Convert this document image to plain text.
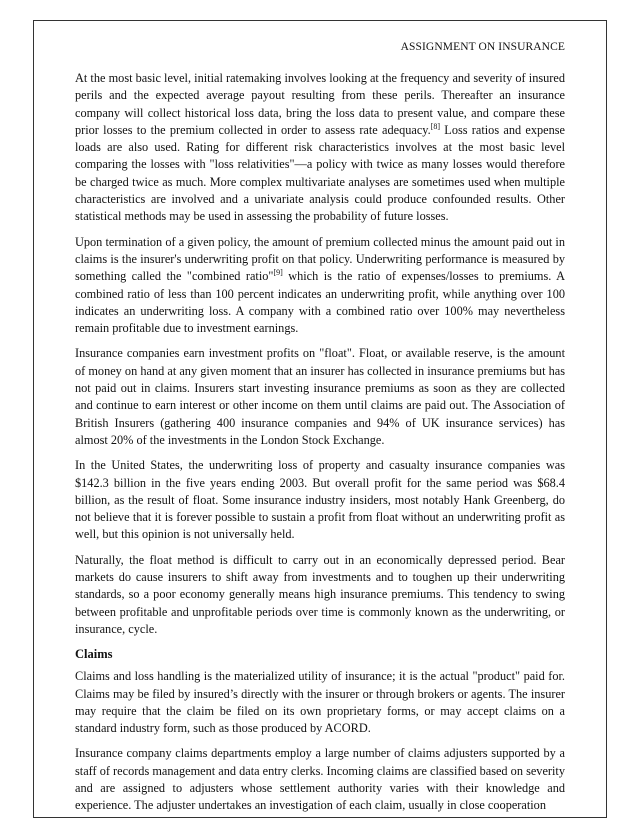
ASSIGNMENT ON INSURANCE

At the most basic level, initial ratemaking involves looking at the frequency and severity of insured perils and the expected average payout resulting from these perils. Thereafter an insurance company will collect historical loss data, bring the loss data to present value, and compare these prior losses to the premium collected in order to assess rate adequacy.[8] Loss ratios and expense loads are also used. Rating for different risk characteristics involves at the most basic level comparing the losses with "loss relativities"—a policy with twice as many losses would therefore be charged twice as much. More complex multivariate analyses are sometimes used when multiple characteristics are involved and a univariate analysis could produce confounded results. Other statistical methods may be used in assessing the probability of future losses.

Upon termination of a given policy, the amount of premium collected minus the amount paid out in claims is the insurer's underwriting profit on that policy. Underwriting performance is measured by something called the "combined ratio"[9] which is the ratio of expenses/losses to premiums. A combined ratio of less than 100 percent indicates an underwriting profit, while anything over 100 indicates an underwriting loss. A company with a combined ratio over 100% may nevertheless remain profitable due to investment earnings.

Insurance companies earn investment profits on "float". Float, or available reserve, is the amount of money on hand at any given moment that an insurer has collected in insurance premiums but has not paid out in claims. Insurers start investing insurance premiums as soon as they are collected and continue to earn interest or other income on them until claims are paid out. The Association of British Insurers (gathering 400 insurance companies and 94% of UK insurance services) has almost 20% of the investments in the London Stock Exchange.

In the United States, the underwriting loss of property and casualty insurance companies was $142.3 billion in the five years ending 2003. But overall profit for the same period was $68.4 billion, as the result of float. Some insurance industry insiders, most notably Hank Greenberg, do not believe that it is forever possible to sustain a profit from float without an underwriting profit as well, but this opinion is not universally held.

Naturally, the float method is difficult to carry out in an economically depressed period. Bear markets do cause insurers to shift away from investments and to toughen up their underwriting standards, so a poor economy generally means high insurance premiums. This tendency to swing between profitable and unprofitable periods over time is commonly known as the underwriting, or insurance, cycle.

Claims

Claims and loss handling is the materialized utility of insurance; it is the actual "product" paid for. Claims may be filed by insured’s directly with the insurer or through brokers or agents. The insurer may require that the claim be filed on its own proprietary forms, or may accept claims on a standard industry form, such as those produced by ACORD.

Insurance company claims departments employ a large number of claims adjusters supported by a staff of records management and data entry clerks. Incoming claims are classified based on severity and are assigned to adjusters whose settlement authority varies with their knowledge and experience. The adjuster undertakes an investigation of each claim, usually in close cooperation
